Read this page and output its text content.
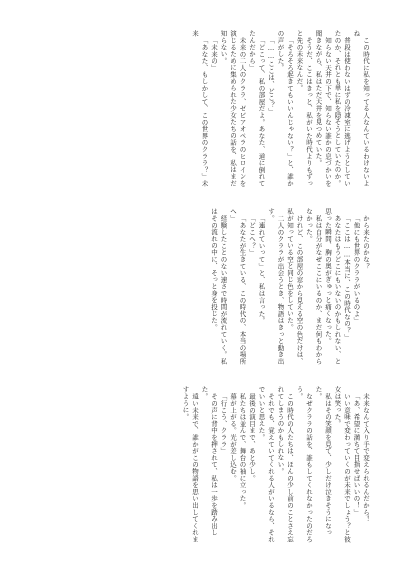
この時代に私を知ってる人なんているわけないよね

普段は使わないはずの冷凍室に逃げようとしていたのか、それとも単に私を隠そうとしていたのか。

知らない天井の下で、知らない誰かの息づかいを聞きながら、私はただ天井を見つめていた。

そうだ、ここはきっと、私がいた時代よりもずっと先の未来なんだ。

「そろそろ起きてもいいんじゃない？」と、誰かの声がした。

「……ここは、どこ？」

「どこって、私の部屋だよ。あなた、道に倒れてたんだから」

未来の二人のクララ、ゼビアオペラのヒロインを演じるために集められた少女たちの話を、私はまだ知らない。

「未来の」

「あなた、もしかして、この世界のクララ？」未来

から来たのかな？

「他にも世界のクララがいるのよ」

「ここは……本当に、この時代なの？」

あなたはもうどこにもいないのかもしれない、と思った瞬間、胸の奥がぎゅっと痛くなった。

私は自分がなぜここにいるのか、まだ何もわからなかった。

けれど、この部屋の窓から見える空の色だけは、私が知っている空と同じ色をしていた。

二人のクララが出会うとき、物語はきっと動き出す。

「連れていって」と、私は言った。

「どこへ？」

「あなたが生きている、この時代の、本当の場所へ」

経験したことのない速さで時間が流れていく。私はその流れの中に、そっと身を投じた。

未来なんて入り手で変えられるんだから！

「あ、希望に満ちて目指せばいいの！」

いい意味で変わっていくのが未来でしょう？と彼女は笑った。

私はその笑顔を見て、少しだけ泣きそうになった。

なぜクララの話を、誰もしてくれなかったのだろう。

この時代の人たちは、ほんの少し前のことさえ忘れてしまうのかもしれない。

それでも、覚えていてくれる人がいるなら、それでいいと思えた。

最後の演目まで、あと少し。

私たちは並んで、舞台の袖に立った。

幕が上がる。光が差し込む。

「行こう、クララ」

その声に背中を押されて、私は一歩を踏み出した。

遠い未来で、誰かがこの物語を思い出してくれますように。
